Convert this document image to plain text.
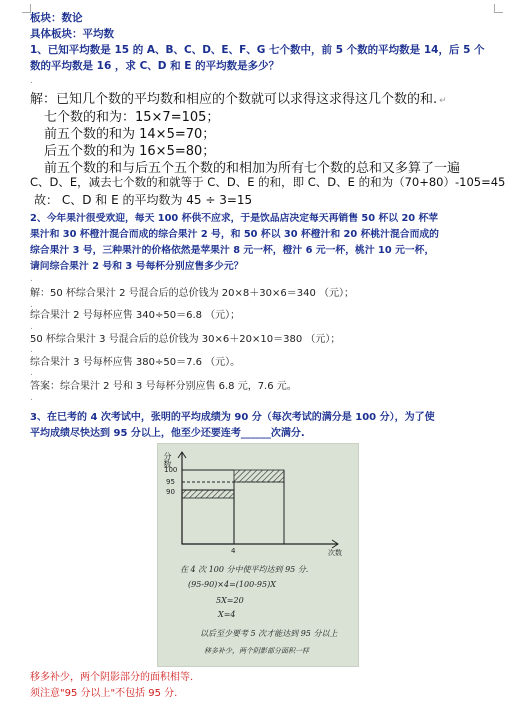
板块：数论
具体板块：平均数
1、已知平均数是 15 的 A、B、C、D、E、F、G 七个数中，前 5 个数的平均数是 14，后 5 个
数的平均数是 16 ，求 C、D 和 E 的平均数是多少？
.
解：已知几个数的平均数和相应的个数就可以求得这求得这几个数的和. ↵
七个数的和为：15×7=105；
前五个数的和为 14×5=70；
后五个数的和为 16×5=80；
前五个数的和与后五个五个数的和相加为所有七个数的总和又多算了一遍
C、D、E，减去七个数的和就等于 C、D、E 的和，即 C、D、E 的和为（70+80）-105=45
故： C、D 和 E 的平均数为 45 ÷ 3=15
2、今年果汁很受欢迎，每天 100 杯供不应求，于是饮品店决定每天再销售 50 杯以 20 杯苹
果汁和 30 杯橙汁混合而成的综合果汁 2 号，和 50 杯以 30 杯橙汁和 20 杯桃汁混合而成的
综合果汁 3 号，三种果汁的价格依然是苹果汁 8 元一杯，橙汁 6 元一杯，桃汁 10 元一杯，
请问综合果汁 2 号和 3 号每杯分别应售多少元？
.
解：50 杯综合果汁 2 号混合后的总价钱为 20×8＋30×6＝340 （元）；
.
综合果汁 2 号每杯应售 340÷50＝6.8 （元）；
.
50 杯综合果汁 3 号混合后的总价钱为 30×6＋20×10＝380 （元）；
.
综合果汁 3 号每杯应售 380÷50＝7.6 （元）。
.
答案：综合果汁 2 号和 3 号每杯分别应售 6.8 元，7.6 元。
.
3、在已考的 4 次考试中，张明的平均成绩为 90 分（每次考试的满分是 100 分），为了使
平均成绩尽快达到 95 分以上，他至少还要连考______次满分.
分数
100
95
90
4	次数
在 4 次 100 分中使平均达到 95 分.
(95-90)×4=(100-95)X
5X=20
X=4
以后至少要考 5 次才能达到 95 分以上
移多补少，两个阴影部分面积一样
移多补少，两个阴影部分的面积相等.
须注意"95 分以上"不包括 95 分.
